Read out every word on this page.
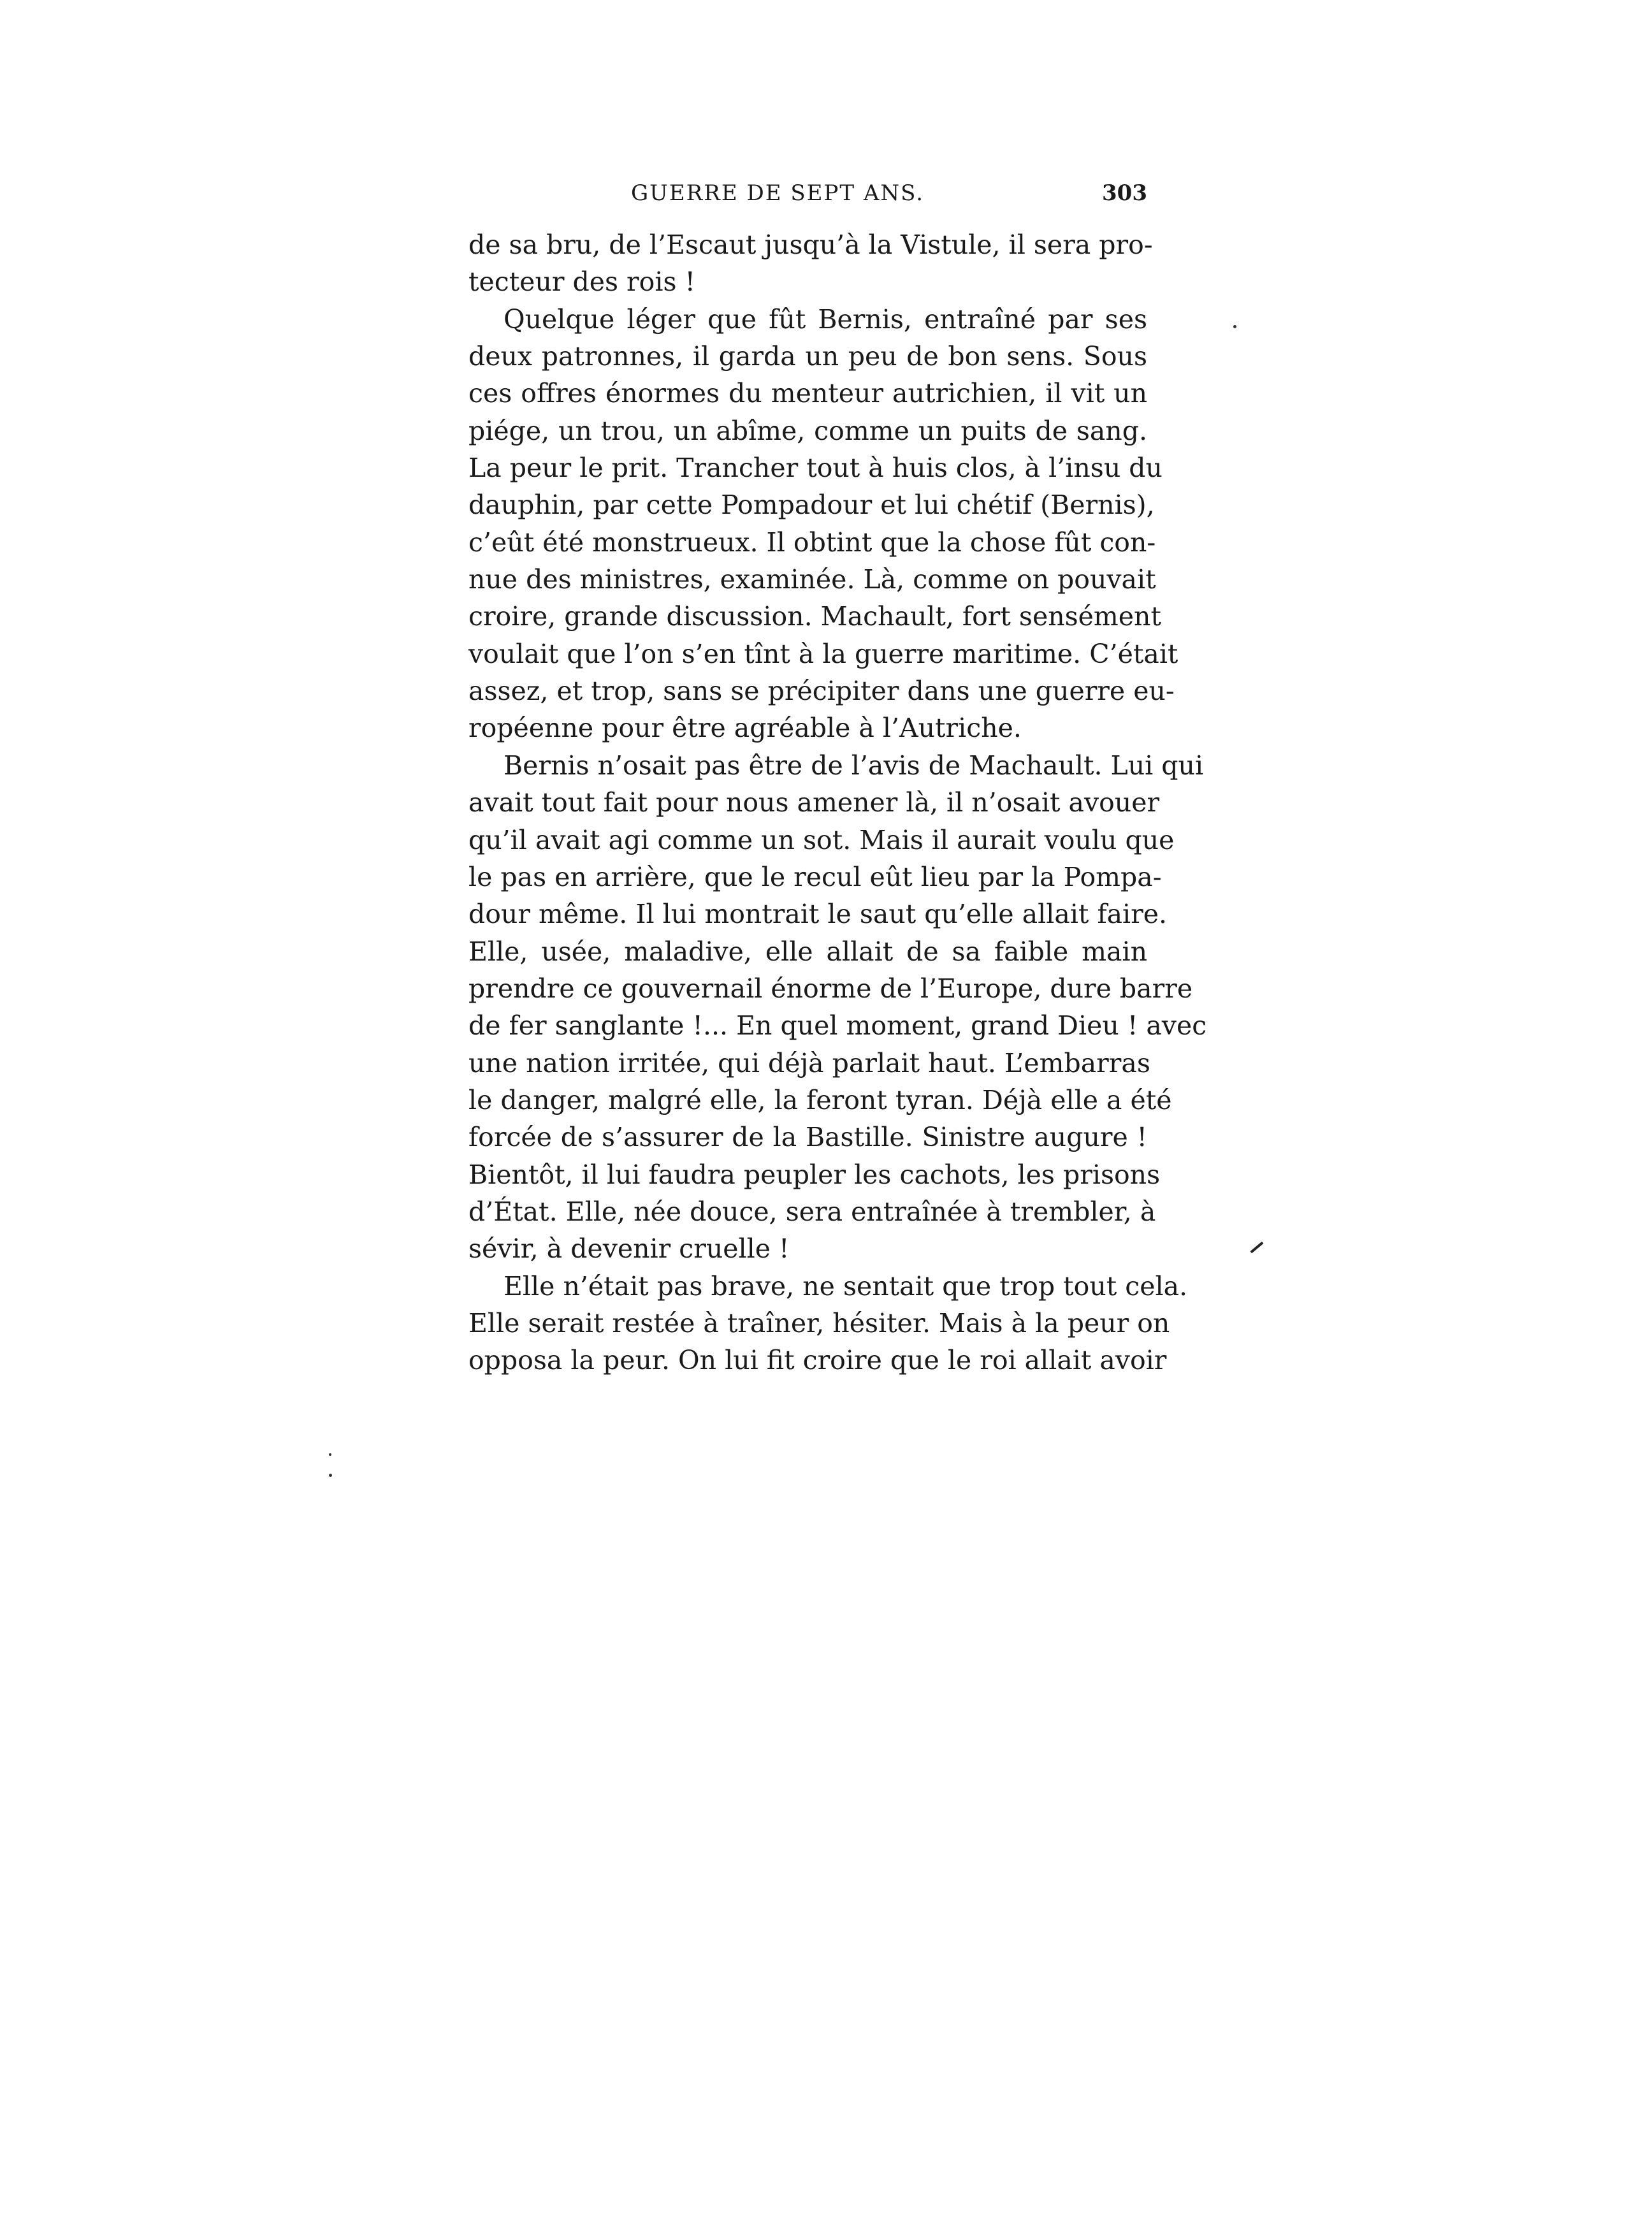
GUERRE DE SEPT ANS.	303
de sa bru, de l’Escaut jusqu’à la Vistule, il sera pro-
tecteur des rois !
Quelque léger que fût Bernis, entraîné par ses
deux patronnes, il garda un peu de bon sens. Sous
ces offres énormes du menteur autrichien, il vit un
piége, un trou, un abîme, comme un puits de sang.
La peur le prit. Trancher tout à huis clos, à l’insu du
dauphin, par cette Pompadour et lui chétif (Bernis),
c’eût été monstrueux. Il obtint que la chose fût con-
nue des ministres, examinée. Là, comme on pouvait
croire, grande discussion. Machault, fort sensément
voulait que l’on s’en tînt à la guerre maritime. C’était
assez, et trop, sans se précipiter dans une guerre eu-
ropéenne pour être agréable à l’Autriche.
Bernis n’osait pas être de l’avis de Machault. Lui qui
avait tout fait pour nous amener là, il n’osait avouer
qu’il avait agi comme un sot. Mais il aurait voulu que
le pas en arrière, que le recul eût lieu par la Pompa-
dour même. Il lui montrait le saut qu’elle allait faire.
Elle, usée, maladive, elle allait de sa faible main
prendre ce gouvernail énorme de l’Europe, dure barre
de fer sanglante !... En quel moment, grand Dieu ! avec
une nation irritée, qui déjà parlait haut. L’embarras
le danger, malgré elle, la feront tyran. Déjà elle a été
forcée de s’assurer de la Bastille. Sinistre augure !
Bientôt, il lui faudra peupler les cachots, les prisons
d’État. Elle, née douce, sera entraînée à trembler, à
sévir, à devenir cruelle !
Elle n’était pas brave, ne sentait que trop tout cela.
Elle serait restée à traîner, hésiter. Mais à la peur on
opposa la peur. On lui fit croire que le roi allait avoir
